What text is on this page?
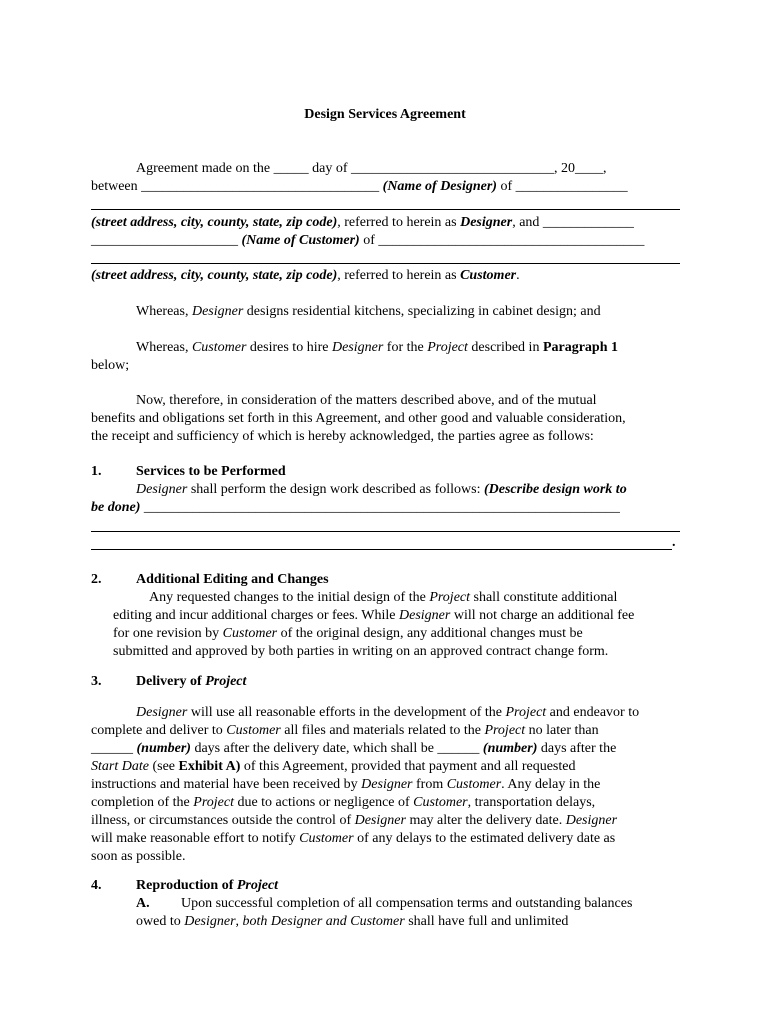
Design Services Agreement
Agreement made on the _____ day of _____________________________, 20____,
between __________________________________ (Name of Designer) of ________________
(street address, city, county, state, zip code), referred to herein as Designer, and _____________
_____________________ (Name of Customer) of ______________________________________
(street address, city, county, state, zip code), referred to herein as Customer.
Whereas, Designer designs residential kitchens, specializing in cabinet design; and
Whereas, Customer desires to hire Designer for the Project described in Paragraph 1
below;
Now, therefore, in consideration of the matters described above, and of the mutual
benefits and obligations set forth in this Agreement, and other good and valuable consideration,
the receipt and sufficiency of which is hereby acknowledged, the parties agree as follows:
1. Services to be Performed
Designer shall perform the design work described as follows: (Describe design work to
be done) ____________________________________________________________________
.
2. Additional Editing and Changes
Any requested changes to the initial design of the Project shall constitute additional
editing and incur additional charges or fees. While Designer will not charge an additional fee
for one revision by Customer of the original design, any additional changes must be
submitted and approved by both parties in writing on an approved contract change form.
3. Delivery of Project
Designer will use all reasonable efforts in the development of the Project and endeavor to
complete and deliver to Customer all files and materials related to the Project no later than
______ (number) days after the delivery date, which shall be ______ (number) days after the
Start Date (see Exhibit A) of this Agreement, provided that payment and all requested
instructions and material have been received by Designer from Customer. Any delay in the
completion of the Project due to actions or negligence of Customer, transportation delays,
illness, or circumstances outside the control of Designer may alter the delivery date. Designer
will make reasonable effort to notify Customer of any delays to the estimated delivery date as
soon as possible.
4. Reproduction of Project
A. Upon successful completion of all compensation terms and outstanding balances
owed to Designer, both Designer and Customer shall have full and unlimited
